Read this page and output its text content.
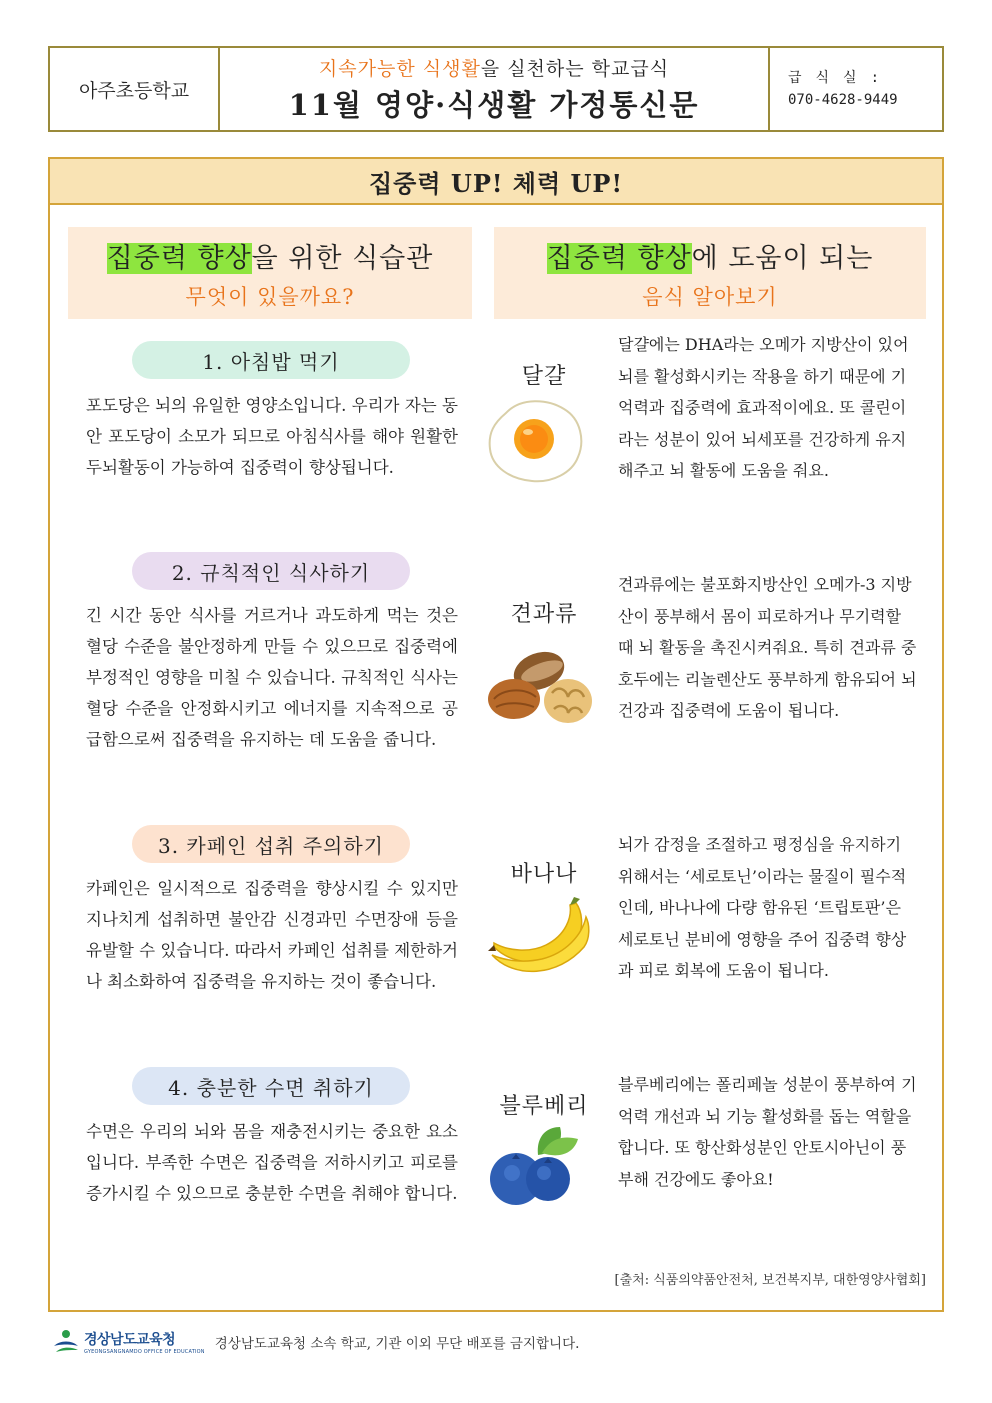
아주초등학교
지속가능한 식생활을 실천하는 학교급식
11월 영양·식생활 가정통신문
급식실:
070-4628-9449
집중력 UP! 체력 UP!
집중력 향상을 위한 식습관
무엇이 있을까요?
집중력 향상에 도움이 되는
음식 알아보기
1. 아침밥 먹기
포도당은 뇌의 유일한 영양소입니다. 우리가 자는 동안 포도당이 소모가 되므로 아침식사를 해야 원활한 두뇌활동이 가능하여 집중력이 향상됩니다.
2. 규칙적인 식사하기
긴 시간 동안 식사를 거르거나 과도하게 먹는 것은 혈당 수준을 불안정하게 만들 수 있으므로 집중력에 부정적인 영향을 미칠 수 있습니다. 규칙적인 식사는 혈당 수준을 안정화시키고 에너지를 지속적으로 공급함으로써 집중력을 유지하는 데 도움을 줍니다.
3. 카페인 섭취 주의하기
카페인은 일시적으로 집중력을 향상시킬 수 있지만 지나치게 섭취하면 불안감 신경과민 수면장애 등을 유발할 수 있습니다. 따라서 카페인 섭취를 제한하거나 최소화하여 집중력을 유지하는 것이 좋습니다.
4. 충분한 수면 취하기
수면은 우리의 뇌와 몸을 재충전시키는 중요한 요소입니다. 부족한 수면은 집중력을 저하시키고 피로를 증가시킬 수 있으므로 충분한 수면을 취해야 합니다.
달걀
달걀에는 DHA라는 오메가 지방산이 있어 뇌를 활성화시키는 작용을 하기 때문에 기억력과 집중력에 효과적이에요. 또 콜린이라는 성분이 있어 뇌세포를 건강하게 유지해주고 뇌 활동에 도움을 줘요.
견과류
견과류에는 불포화지방산인 오메가-3 지방산이 풍부해서 몸이 피로하거나 무기력할 때 뇌 활동을 촉진시켜줘요. 특히 견과류 중 호두에는 리놀렌산도 풍부하게 함유되어 뇌 건강과 집중력에 도움이 됩니다.
바나나
뇌가 감정을 조절하고 평정심을 유지하기 위해서는 ‘세로토닌’이라는 물질이 필수적인데, 바나나에 다량 함유된 ‘트립토판’은 세로토닌 분비에 영향을 주어 집중력 향상과 피로 회복에 도움이 됩니다.
블루베리
블루베리에는 폴리페놀 성분이 풍부하여 기억력 개선과 뇌 기능 활성화를 돕는 역할을 합니다. 또 항산화성분인 안토시아닌이 풍부해 건강에도 좋아요!
[출처: 식품의약품안전처, 보건복지부, 대한영양사협회]
경상남도교육청
GYEONGSANGNAMDO OFFICE OF EDUCATION 경상남도교육청 소속 학교, 기관 이외 무단 배포를 금지합니다.
